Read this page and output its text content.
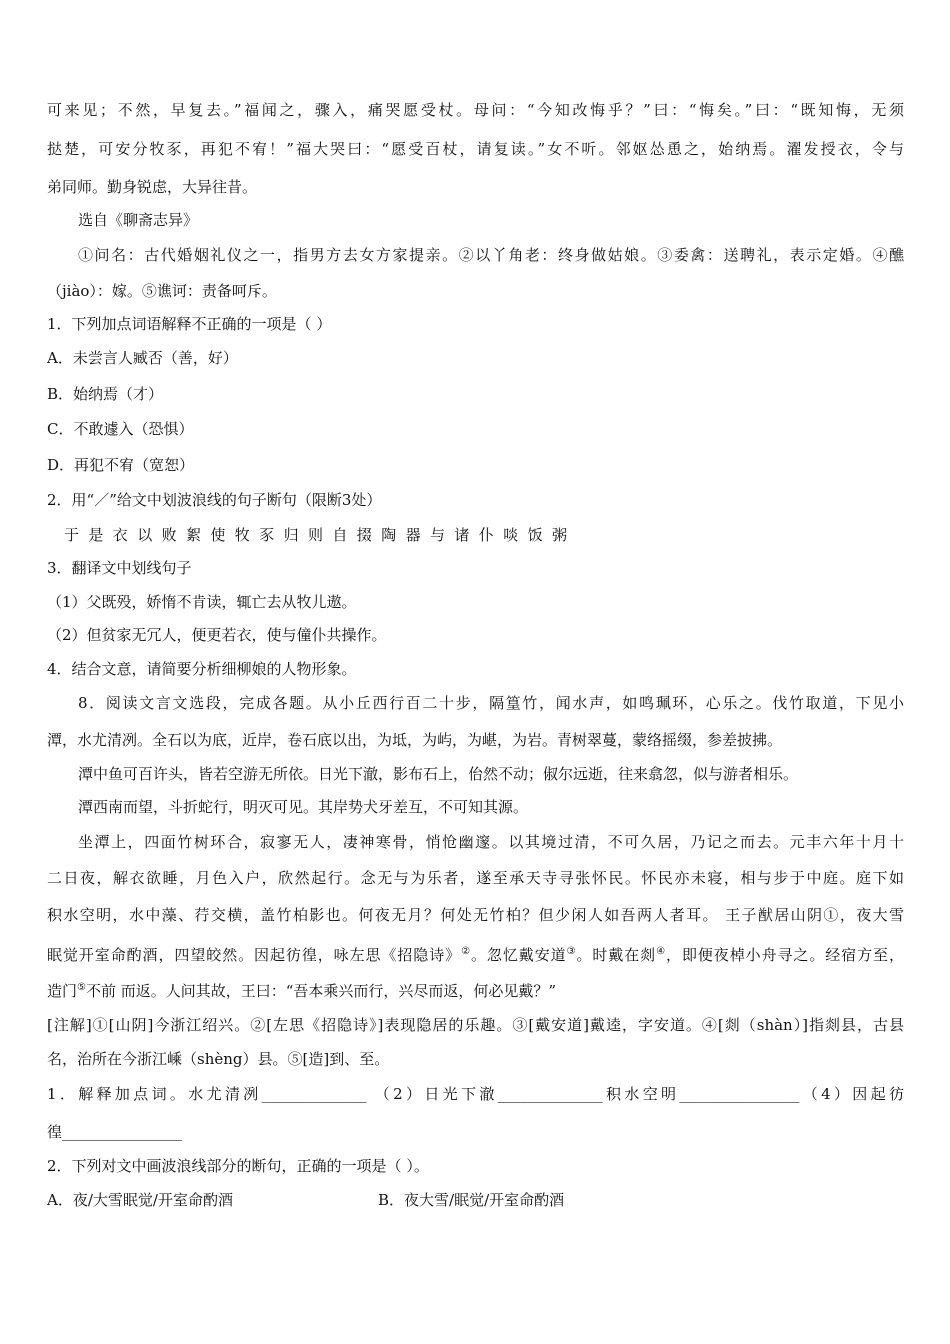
可来见；不然，早复去。”福闻之，骤入，痛哭愿受杖。母问：“今知改悔乎？”曰：“悔矣。”曰：“既知悔，无须
挞楚，可安分牧豕，再犯不宥！”福大哭曰：“愿受百杖，请复读。”女不听。邻妪怂恿之，始纳焉。濯发授衣，令与
弟同师。勤身锐虑，大异往昔。
选自《聊斋志异》
①问名：古代婚姻礼仪之一，指男方去女方家提亲。②以丫角老：终身做姑娘。③委禽：送聘礼，表示定婚。④醮
（jiào）：嫁。⑤谯诃：责备呵斥。
1．下列加点词语解释不正确的一项是（ ）
A．未尝言人臧否（善，好）
B．始纳焉（才）
C．不敢遽入（恐惧）
D．再犯不宥（宽恕）
2．用“／”给文中划波浪线的句子断句（限断3处）
于是衣以败絮使牧豕归则自掇陶器与诸仆啖饭粥
3．翻译文中划线句子
（1）父既殁，娇惰不肯读，辄亡去从牧儿遨。
（2）但贫家无冗人，便更若衣，使与僮仆共操作。
4．结合文意，请简要分析细柳娘的人物形象。
8．阅读文言文选段，完成各题。从小丘西行百二十步，隔篁竹，闻水声，如鸣珮环，心乐之。伐竹取道，下见小
潭，水尤清冽。全石以为底，近岸，卷石底以出，为坻，为屿，为嵁，为岩。青树翠蔓，蒙络摇缀，参差披拂。
潭中鱼可百许头，皆若空游无所依。日光下澈，影布石上，佁然不动；俶尔远逝，往来翕忽，似与游者相乐。
潭西南而望，斗折蛇行，明灭可见。其岸势犬牙差互，不可知其源。
坐潭上，四面竹树环合，寂寥无人，凄神寒骨，悄怆幽邃。以其境过清，不可久居，乃记之而去。元丰六年十月十
二日夜，解衣欲睡，月色入户，欣然起行。念无与为乐者，遂至承天寺寻张怀民。怀民亦未寝，相与步于中庭。庭下如
积水空明，水中藻、荇交横，盖竹柏影也。何夜无月？何处无竹柏？但少闲人如吾两人者耳。 王子猷居山阴①，夜大雪
眠觉开室命酌酒，四望皎然。因起彷徨，咏左思《招隐诗》②。忽忆戴安道③。时戴在剡④，即便夜棹小舟寻之。经宿方至，
造门⑤不前 而返。人问其故，王曰：“吾本乘兴而行，兴尽而返，何必见戴？”
[注解]①[山阴]今浙江绍兴。②[左思《招隐诗》]表现隐居的乐趣。③[戴安道]戴逵，字安道。④[剡（shàn）]指剡县，古县
名，治所在今浙江嵊（shèng）县。⑤[造]到、至。
1．解释加点词。水尤清冽______________ （2）日光下澈______________积水空明________________（4）因起彷
徨________________
2．下列对文中画波浪线部分的断句，正确的一项是（ ）。
A．夜/大雪眠觉/开室命酌酒	B．夜大雪/眠觉/开室命酌酒
